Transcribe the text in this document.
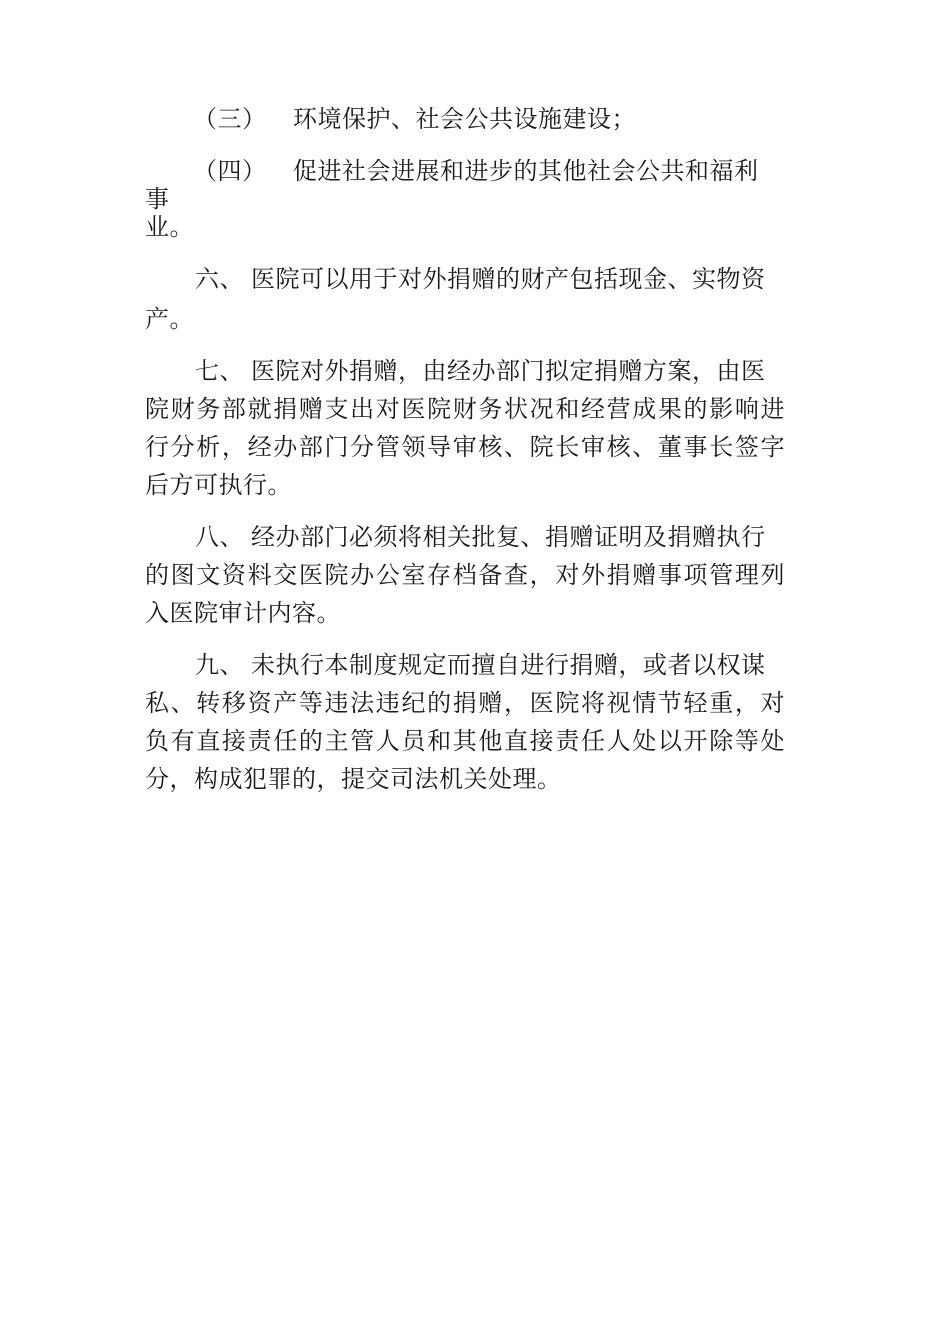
（三） 环境保护、社会公共设施建设；
（四） 促进社会进展和进步的其他社会公共和福利
事
业。
六、 医院可以用于对外捐赠的财产包括现金、实物资
产。
七、 医院对外捐赠，由经办部门拟定捐赠方案，由医
院财务部就捐赠支出对医院财务状况和经营成果的影响进
行分析，经办部门分管领导审核、院长审核、董事长签字
后方可执行。
八、 经办部门必须将相关批复、捐赠证明及捐赠执行
的图文资料交医院办公室存档备查，对外捐赠事项管理列
入医院审计内容。
九、 未执行本制度规定而擅自进行捐赠，或者以权谋
私、转移资产等违法违纪的捐赠，医院将视情节轻重，对
负有直接责任的主管人员和其他直接责任人处以开除等处
分，构成犯罪的，提交司法机关处理。
